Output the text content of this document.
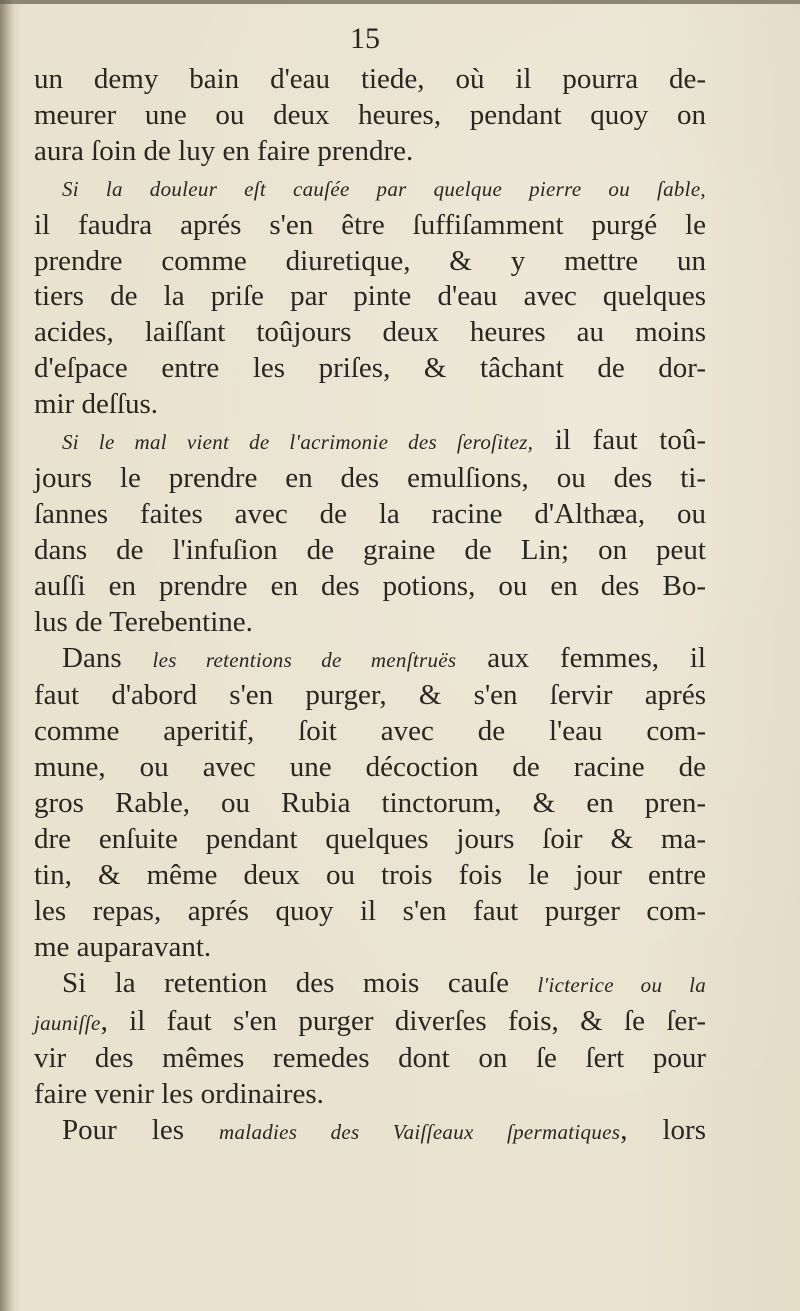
15
un demy bain d'eau tiede, où il pourra de-
meurer une ou deux heures, pendant quoy on
aura ſoin de luy en faire prendre.
Si la douleur eſt cauſée par quelque pierre ou ſable,
il faudra aprés s'en être ſuffiſamment purgé le
prendre comme diuretique, & y mettre un
tiers de la priſe par pinte d'eau avec quelques
acides, laiſſant toûjours deux heures au moins
d'eſpace entre les priſes, & tâchant de dor-
mir deſſus.
Si le mal vient de l'acrimonie des ſeroſitez, il faut toû-
jours le prendre en des emulſions, ou des ti-
ſannes faites avec de la racine d'Althæa, ou
dans de l'infuſion de graine de Lin; on peut
auſſi en prendre en des potions, ou en des Bo-
lus de Terebentine.
Dans les retentions de menſtruës aux femmes, il
faut d'abord s'en purger, & s'en ſervir aprés
comme aperitif, ſoit avec de l'eau com-
mune, ou avec une décoction de racine de
gros Rable, ou Rubia tinctorum, & en pren-
dre enſuite pendant quelques jours ſoir & ma-
tin, & même deux ou trois fois le jour entre
les repas, aprés quoy il s'en faut purger com-
me auparavant.
Si la retention des mois cauſe l'icterice ou la
jauniſſe, il faut s'en purger diverſes fois, & ſe ſer-
vir des mêmes remedes dont on ſe ſert pour
faire venir les ordinaires.
Pour les maladies des Vaiſſeaux ſpermatiques, lors
